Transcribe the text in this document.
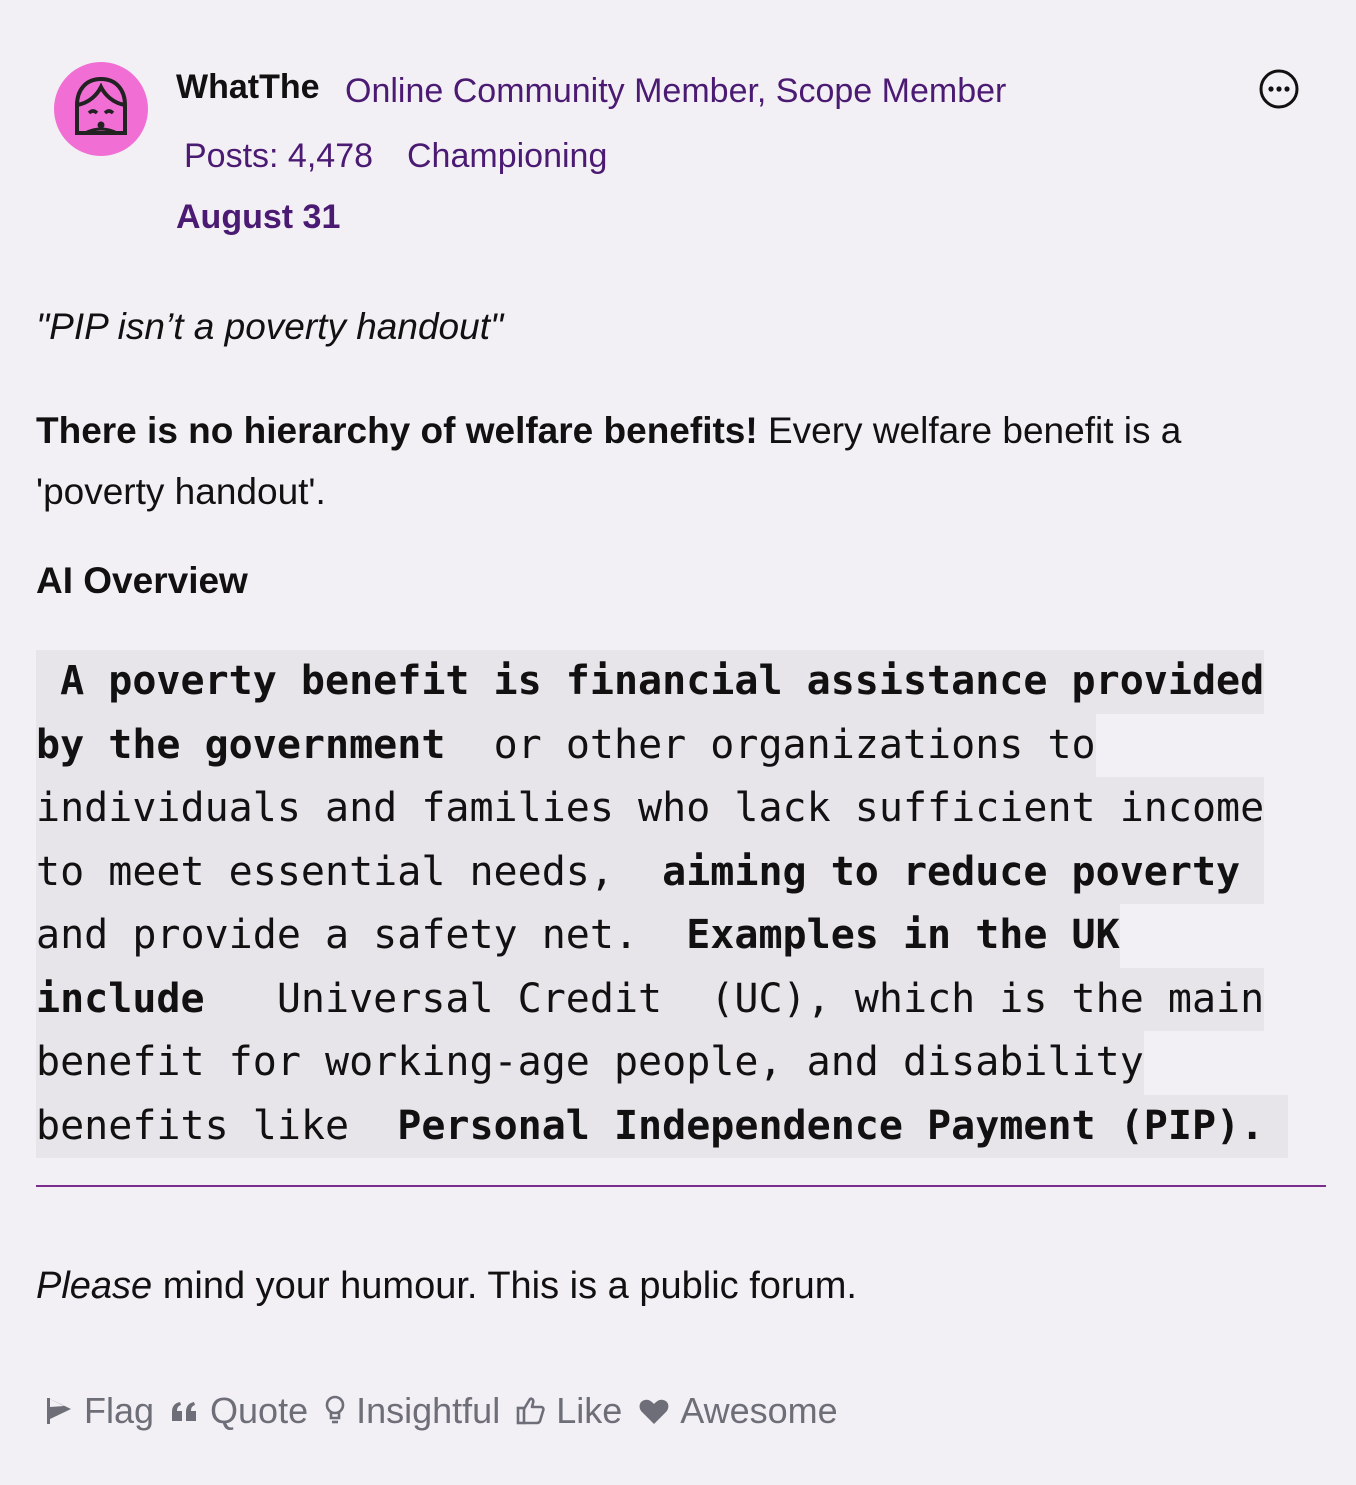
WhatThe Online Community Member, Scope Member
Posts: 4,478 Championing
August 31
"PIP isn’t a poverty handout"
There is no hierarchy of welfare benefits! Every welfare benefit is a
'poverty handout'.
AI Overview
A poverty benefit is financial assistance provided
by the government  or other organizations to
individuals and families who lack sufficient income
to meet essential needs,  aiming to reduce poverty
and provide a safety net.  Examples in the UK
include   Universal Credit  (UC), which is the main
benefit for working-age people, and disability
benefits like  Personal Independence Payment (PIP).
Please mind your humour. This is a public forum.
Flag Quote Insightful Like Awesome
